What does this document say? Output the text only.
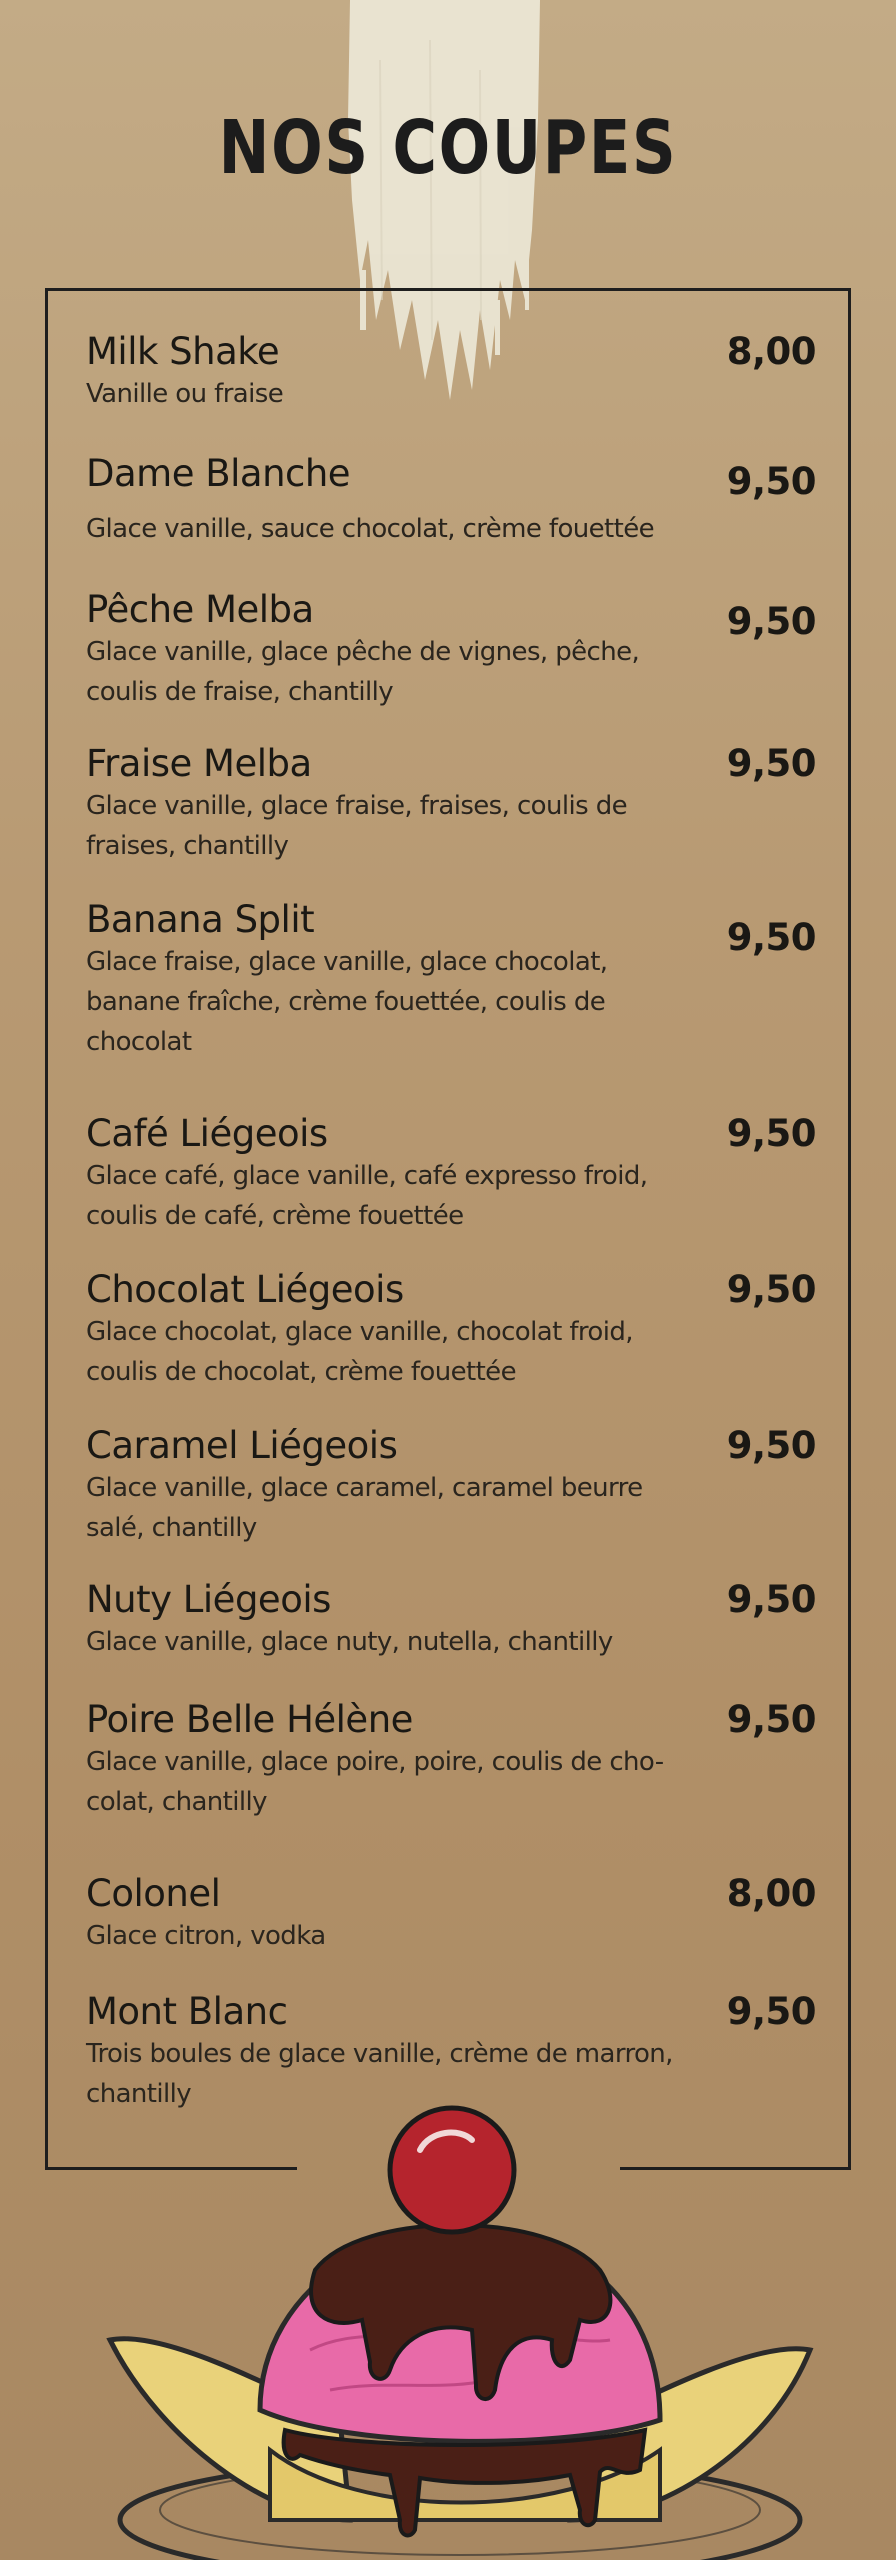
NOS COUPES
Milk Shake
Vanille ou fraise
8,00
Dame Blanche
Glace vanille, sauce chocolat, crème fouettée
9,50
Pêche Melba
Glace vanille, glace pêche de vignes, pêche, coulis de fraise, chantilly
9,50
Fraise Melba
Glace vanille, glace fraise, fraises, coulis de fraises, chantilly
9,50
Banana Split
Glace fraise, glace vanille, glace chocolat, banane fraîche, crème fouettée, coulis de chocolat
9,50
Café Liégeois
Glace café, glace vanille, café expresso froid, coulis de café, crème fouettée
9,50
Chocolat Liégeois
Glace chocolat, glace vanille, chocolat froid, coulis de chocolat, crème fouettée
9,50
Caramel Liégeois
Glace vanille, glace caramel, caramel beurre salé, chantilly
9,50
Nuty Liégeois
Glace vanille, glace nuty, nutella, chantilly
9,50
Poire Belle Hélène
Glace vanille, glace poire, poire, coulis de cho-colat, chantilly
9,50
Colonel
Glace citron, vodka
8,00
Mont Blanc
Trois boules de glace vanille, crème de marron, chantilly
9,50
